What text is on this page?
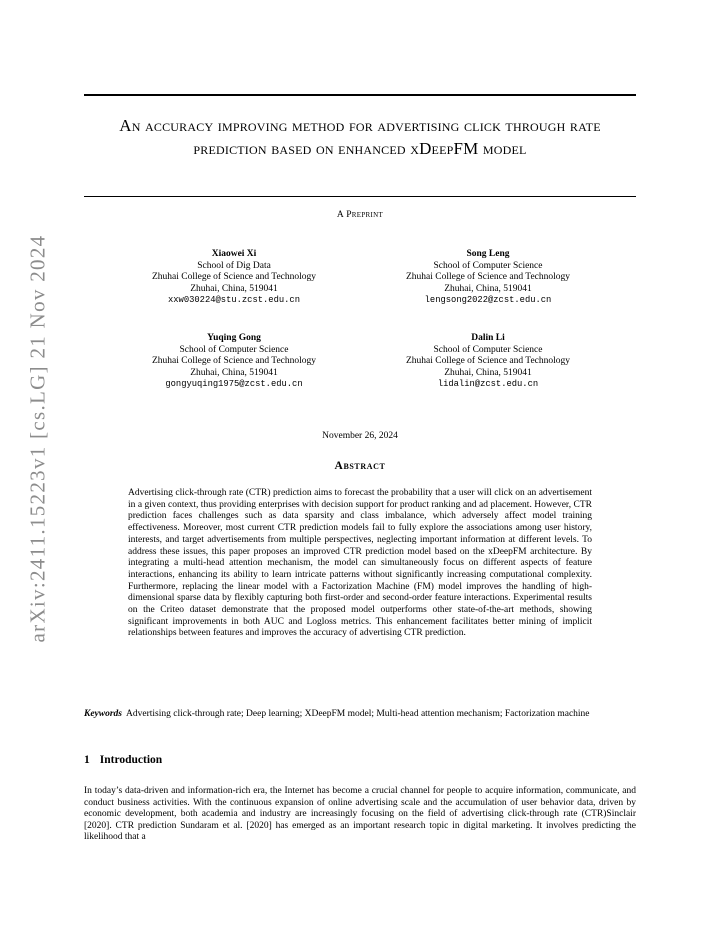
arXiv:2411.15223v1 [cs.LG] 21 Nov 2024
An accuracy improving method for advertising click through rate prediction based on enhanced xDeepFM model
A Preprint
Xiaowei Xi
School of Dig Data
Zhuhai College of Science and Technology
Zhuhai, China, 519041
xxw030224@stu.zcst.edu.cn
Song Leng
School of Computer Science
Zhuhai College of Science and Technology
Zhuhai, China, 519041
lengsong2022@zcst.edu.cn
Yuqing Gong
School of Computer Science
Zhuhai College of Science and Technology
Zhuhai, China, 519041
gongyuqing1975@zcst.edu.cn
Dalin Li
School of Computer Science
Zhuhai College of Science and Technology
Zhuhai, China, 519041
lidalin@zcst.edu.cn
November 26, 2024
Abstract

Advertising click-through rate (CTR) prediction aims to forecast the probability that a user will click on an advertisement in a given context, thus providing enterprises with decision support for product ranking and ad placement. However, CTR prediction faces challenges such as data sparsity and class imbalance, which adversely affect model training effectiveness. Moreover, most current CTR prediction models fail to fully explore the associations among user history, interests, and target advertisements from multiple perspectives, neglecting important information at different levels. To address these issues, this paper proposes an improved CTR prediction model based on the xDeepFM architecture. By integrating a multi-head attention mechanism, the model can simultaneously focus on different aspects of feature interactions, enhancing its ability to learn intricate patterns without significantly increasing computational complexity. Furthermore, replacing the linear model with a Factorization Machine (FM) model improves the handling of high-dimensional sparse data by flexibly capturing both first-order and second-order feature interactions. Experimental results on the Criteo dataset demonstrate that the proposed model outperforms other state-of-the-art methods, showing significant improvements in both AUC and Logloss metrics. This enhancement facilitates better mining of implicit relationships between features and improves the accuracy of advertising CTR prediction.

Keywords Advertising click-through rate; Deep learning; XDeepFM model; Multi-head attention mechanism; Factorization machine
1 Introduction

In today’s data-driven and information-rich era, the Internet has become a crucial channel for people to acquire information, communicate, and conduct business activities. With the continuous expansion of online advertising scale and the accumulation of user behavior data, driven by economic development, both academia and industry are increasingly focusing on the field of advertising click-through rate (CTR)Sinclair [2020]. CTR prediction Sundaram et al. [2020] has emerged as an important research topic in digital marketing. It involves predicting the likelihood that a
